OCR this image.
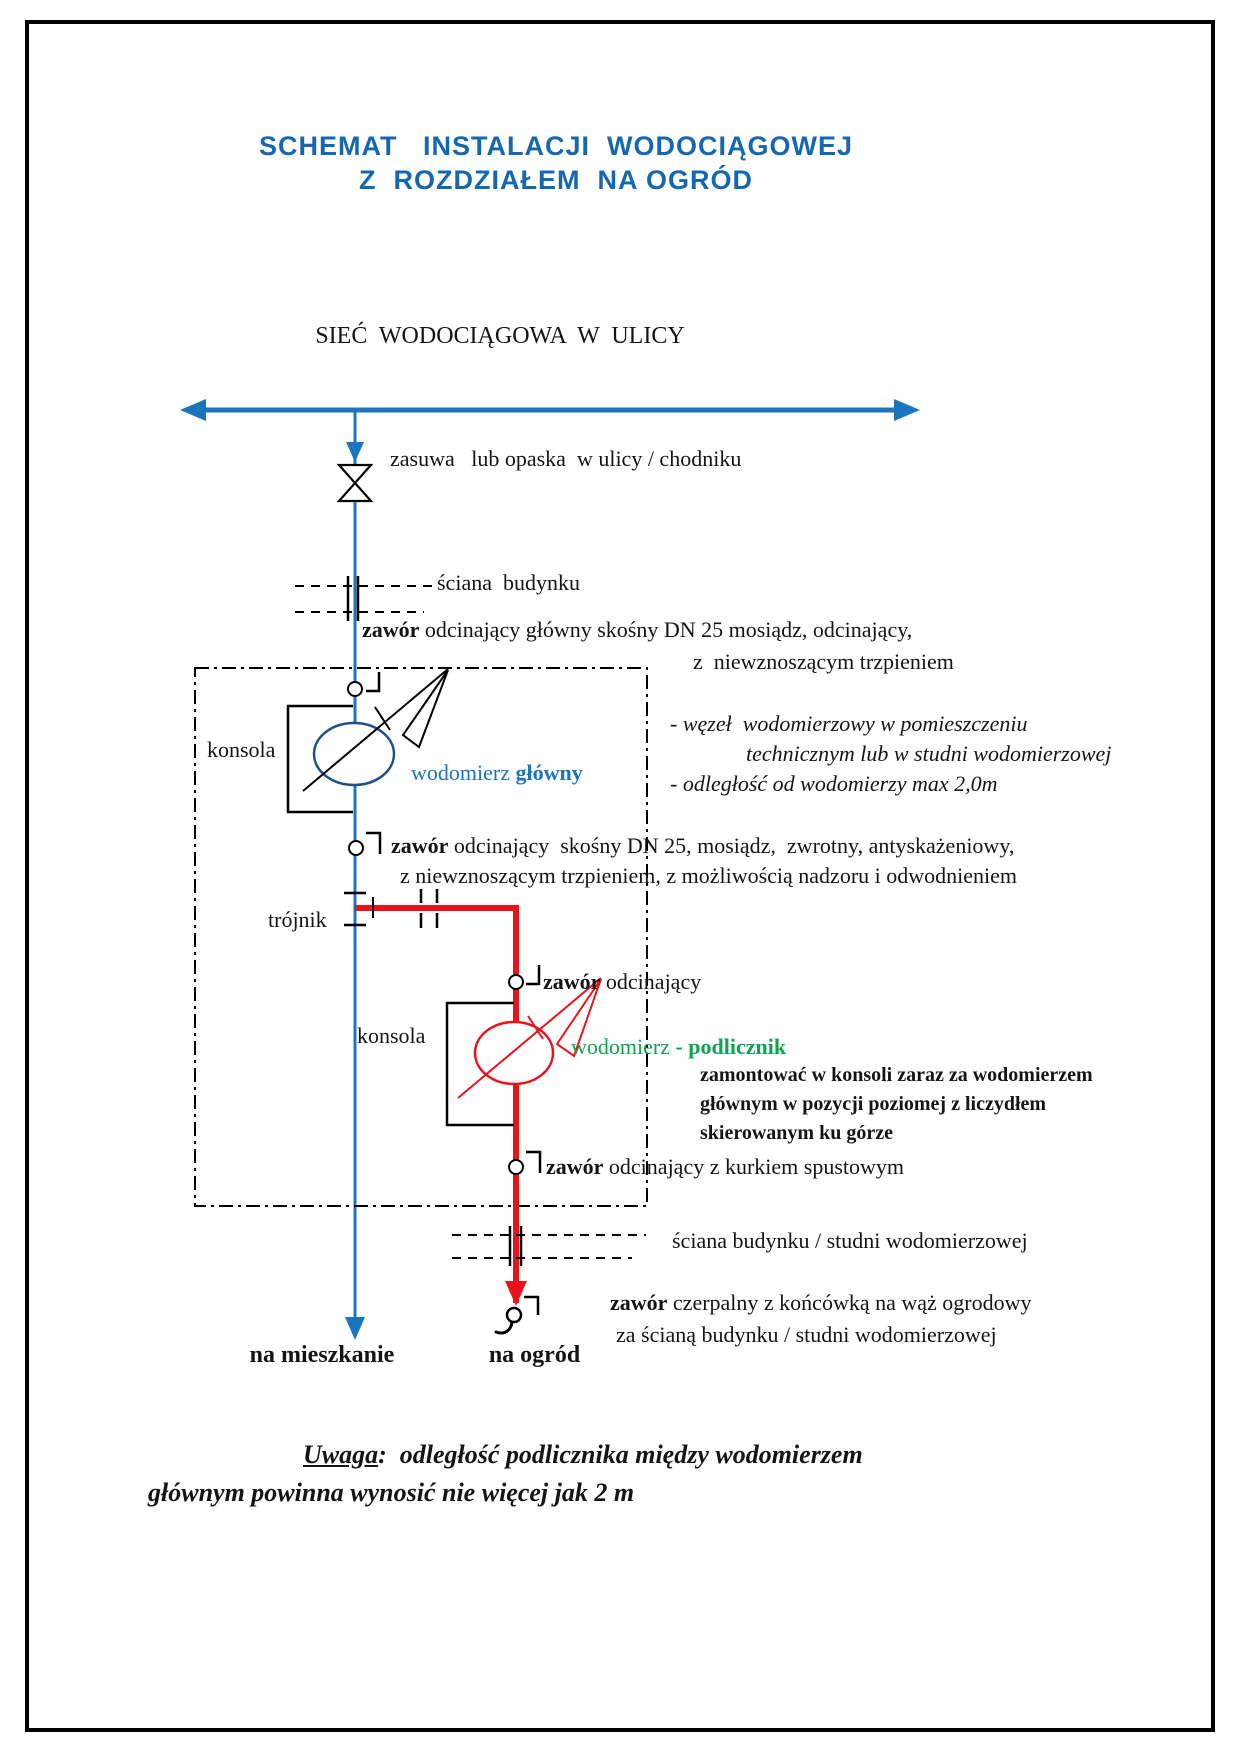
SCHEMAT   INSTALACJI  WODOCIĄGOWEJ
Z  ROZDZIAŁEM  NA OGRÓD
SIEĆ  WODOCIĄGOWA  W  ULICY
zasuwa   lub opaska  w ulicy / chodniku
ściana  budynku
zawór odcinający główny skośny DN 25 mosiądz, odcinający,
z  niewznoszącym trzpieniem
konsola
wodomierz główny
- węzeł  wodomierzowy w pomieszczeniu
technicznym lub w studni wodomierzowej
- odległość od wodomierzy max 2,0m
zawór odcinający  skośny DN 25, mosiądz,  zwrotny, antyskażeniowy,
z niewznoszącym trzpieniem, z możliwością nadzoru i odwodnieniem
trójnik
zawór odcinający
konsola	wodomierz - podlicznik
zamontować w konsoli zaraz za wodomierzem
głównym w pozycji poziomej z liczydłem
skierowanym ku górze
zawór odcinający z kurkiem spustowym
ściana budynku / studni wodomierzowej
zawór czerpalny z końcówką na wąż ogrodowy
za ścianą budynku / studni wodomierzowej
na mieszkanie	na ogród
Uwaga:  odległość podlicznika między wodomierzem
głównym powinna wynosić nie więcej jak 2 m
